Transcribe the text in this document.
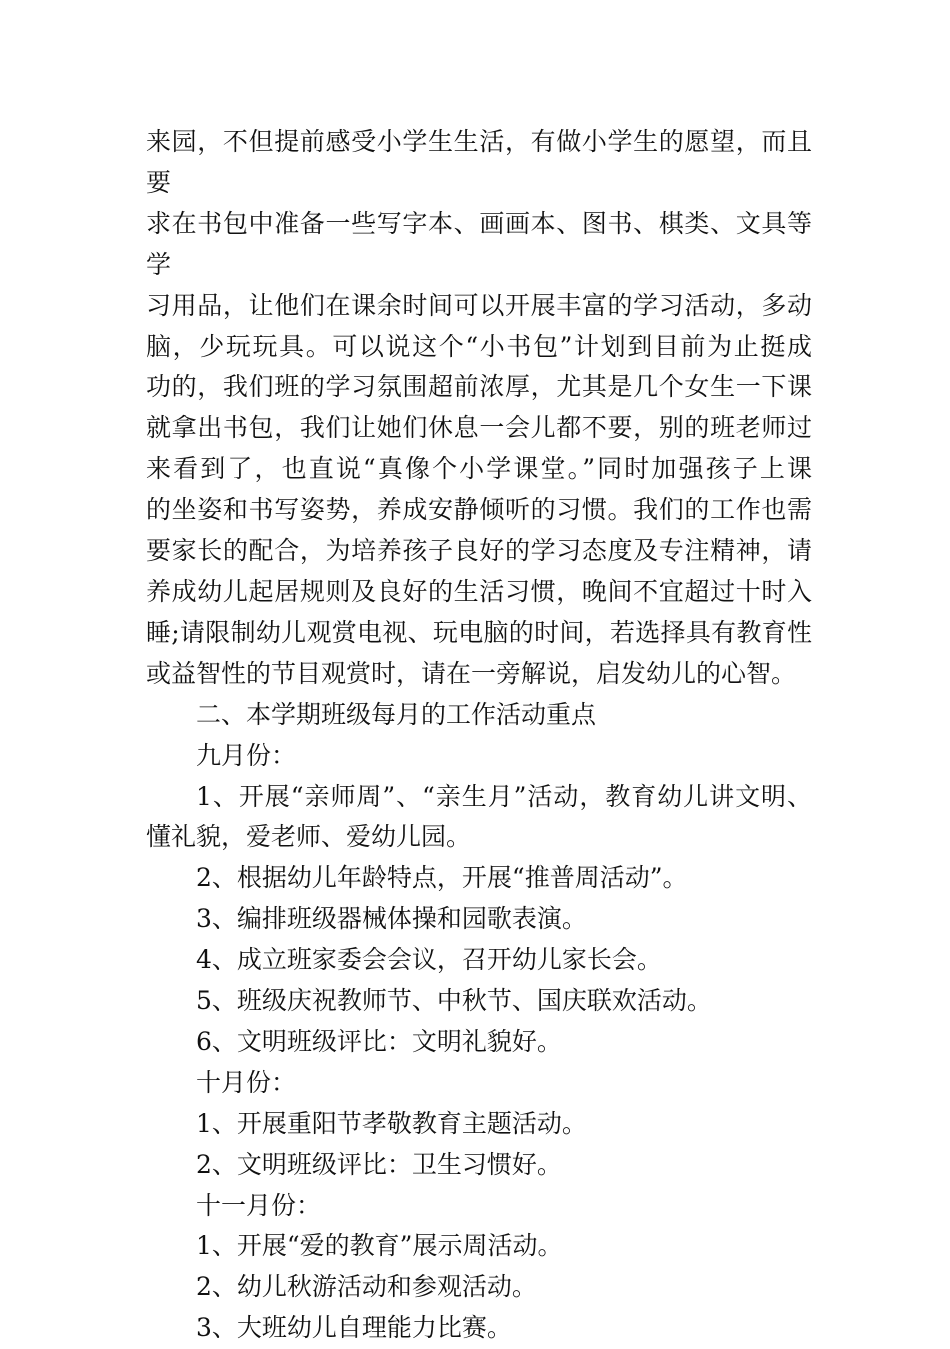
来园，不但提前感受小学生生活，有做小学生的愿望，而且要

求在书包中准备一些写字本、画画本、图书、棋类、文具等学

习用品，让他们在课余时间可以开展丰富的学习活动，多动

脑，少玩玩具。可以说这个“小书包”计划到目前为止挺成

功的，我们班的学习氛围超前浓厚，尤其是几个女生一下课

就拿出书包，我们让她们休息一会儿都不要，别的班老师过

来看到了，也直说“真像个小学课堂。”同时加强孩子上课

的坐姿和书写姿势，养成安静倾听的习惯。我们的工作也需

要家长的配合，为培养孩子良好的学习态度及专注精神，请

养成幼儿起居规则及良好的生活习惯，晚间不宜超过十时入

睡;请限制幼儿观赏电视、玩电脑的时间，若选择具有教育性

或益智性的节目观赏时，请在一旁解说，启发幼儿的心智。

二、本学期班级每月的工作活动重点

九月份：

1、开展“亲师周”、“亲生月”活动，教育幼儿讲文明、

懂礼貌，爱老师、爱幼儿园。

2、根据幼儿年龄特点，开展“推普周活动”。

3、编排班级器械体操和园歌表演。

4、成立班家委会会议，召开幼儿家长会。

5、班级庆祝教师节、中秋节、国庆联欢活动。

6、文明班级评比：文明礼貌好。

十月份：

1、开展重阳节孝敬教育主题活动。

2、文明班级评比：卫生习惯好。

十一月份：

1、开展“爱的教育”展示周活动。

2、幼儿秋游活动和参观活动。

3、大班幼儿自理能力比赛。
